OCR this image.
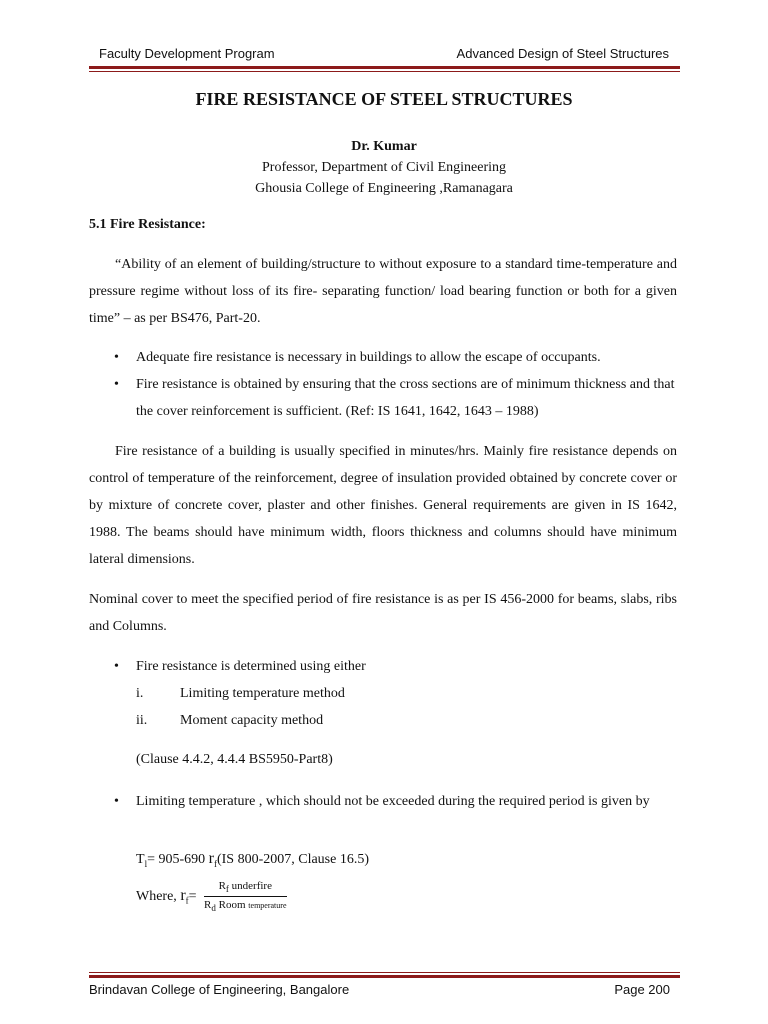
Faculty Development Program	Advanced Design of Steel Structures
FIRE RESISTANCE OF STEEL STRUCTURES
Dr. Kumar
Professor, Department of Civil Engineering
Ghousia College of Engineering ,Ramanagara
5.1 Fire Resistance:
“Ability of an element of building/structure to without exposure to a standard time-temperature and pressure regime without loss of its fire- separating function/ load bearing function or both for a given time” – as per BS476, Part-20.
• Adequate fire resistance is necessary in buildings to allow the escape of occupants.
• Fire resistance is obtained by ensuring that the cross sections are of minimum thickness and that the cover reinforcement is sufficient. (Ref: IS 1641, 1642, 1643 – 1988)
Fire resistance of a building is usually specified in minutes/hrs. Mainly fire resistance depends on control of temperature of the reinforcement, degree of insulation provided obtained by concrete cover or by mixture of concrete cover, plaster and other finishes. General requirements are given in IS 1642, 1988. The beams should have minimum width, floors thickness and columns should have minimum lateral dimensions.
Nominal cover to meet the specified period of fire resistance is as per IS 456-2000 for beams, slabs, ribs and Columns.
• Fire resistance is determined using either
i.	Limiting temperature method
ii. Moment capacity method
(Clause 4.4.2, 4.4.4 BS5950-Part8)
• Limiting temperature , which should not be exceeded during the required period is given by
$T_l= 905-690$ $r_f(IS$ 800-2007, Clause 16.5)
Where, $r_f= \frac{R_f underfire}{R_d Room temperature}$
Brindavan College of Engineering, Bangalore	Page 200
